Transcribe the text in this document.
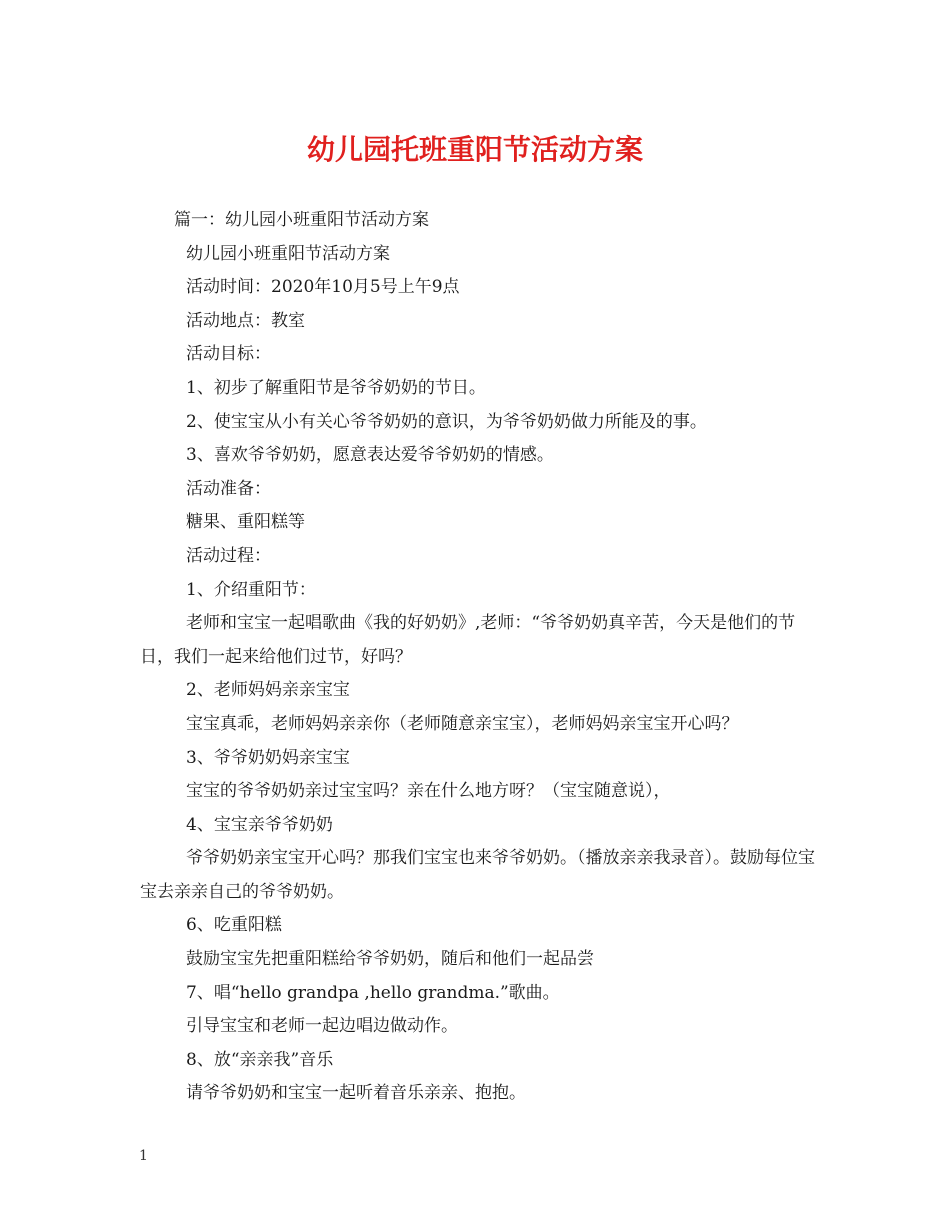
幼儿园托班重阳节活动方案

篇一：幼儿园小班重阳节活动方案

幼儿园小班重阳节活动方案

活动时间：2020年10月5号上午9点

活动地点：教室

活动目标：

1、初步了解重阳节是爷爷奶奶的节日。

2、使宝宝从小有关心爷爷奶奶的意识，为爷爷奶奶做力所能及的事。

3、喜欢爷爷奶奶，愿意表达爱爷爷奶奶的情感。

活动准备：

糖果、重阳糕等

活动过程：

1、介绍重阳节：

老师和宝宝一起唱歌曲《我的好奶奶》,老师：“爷爷奶奶真辛苦，今天是他们的节日，我们一起来给他们过节，好吗？

2、老师妈妈亲亲宝宝

宝宝真乖，老师妈妈亲亲你（老师随意亲宝宝），老师妈妈亲宝宝开心吗？

3、爷爷奶奶妈亲宝宝

宝宝的爷爷奶奶亲过宝宝吗？亲在什么地方呀？（宝宝随意说），

4、宝宝亲爷爷奶奶

爷爷奶奶亲宝宝开心吗？那我们宝宝也来爷爷奶奶。（播放亲亲我录音）。鼓励每位宝宝去亲亲自己的爷爷奶奶。

6、吃重阳糕

鼓励宝宝先把重阳糕给爷爷奶奶，随后和他们一起品尝

7、唱“hello grandpa ,hello grandma.”歌曲。

引导宝宝和老师一起边唱边做动作。

8、放“亲亲我”音乐

请爷爷奶奶和宝宝一起听着音乐亲亲、抱抱。

1
